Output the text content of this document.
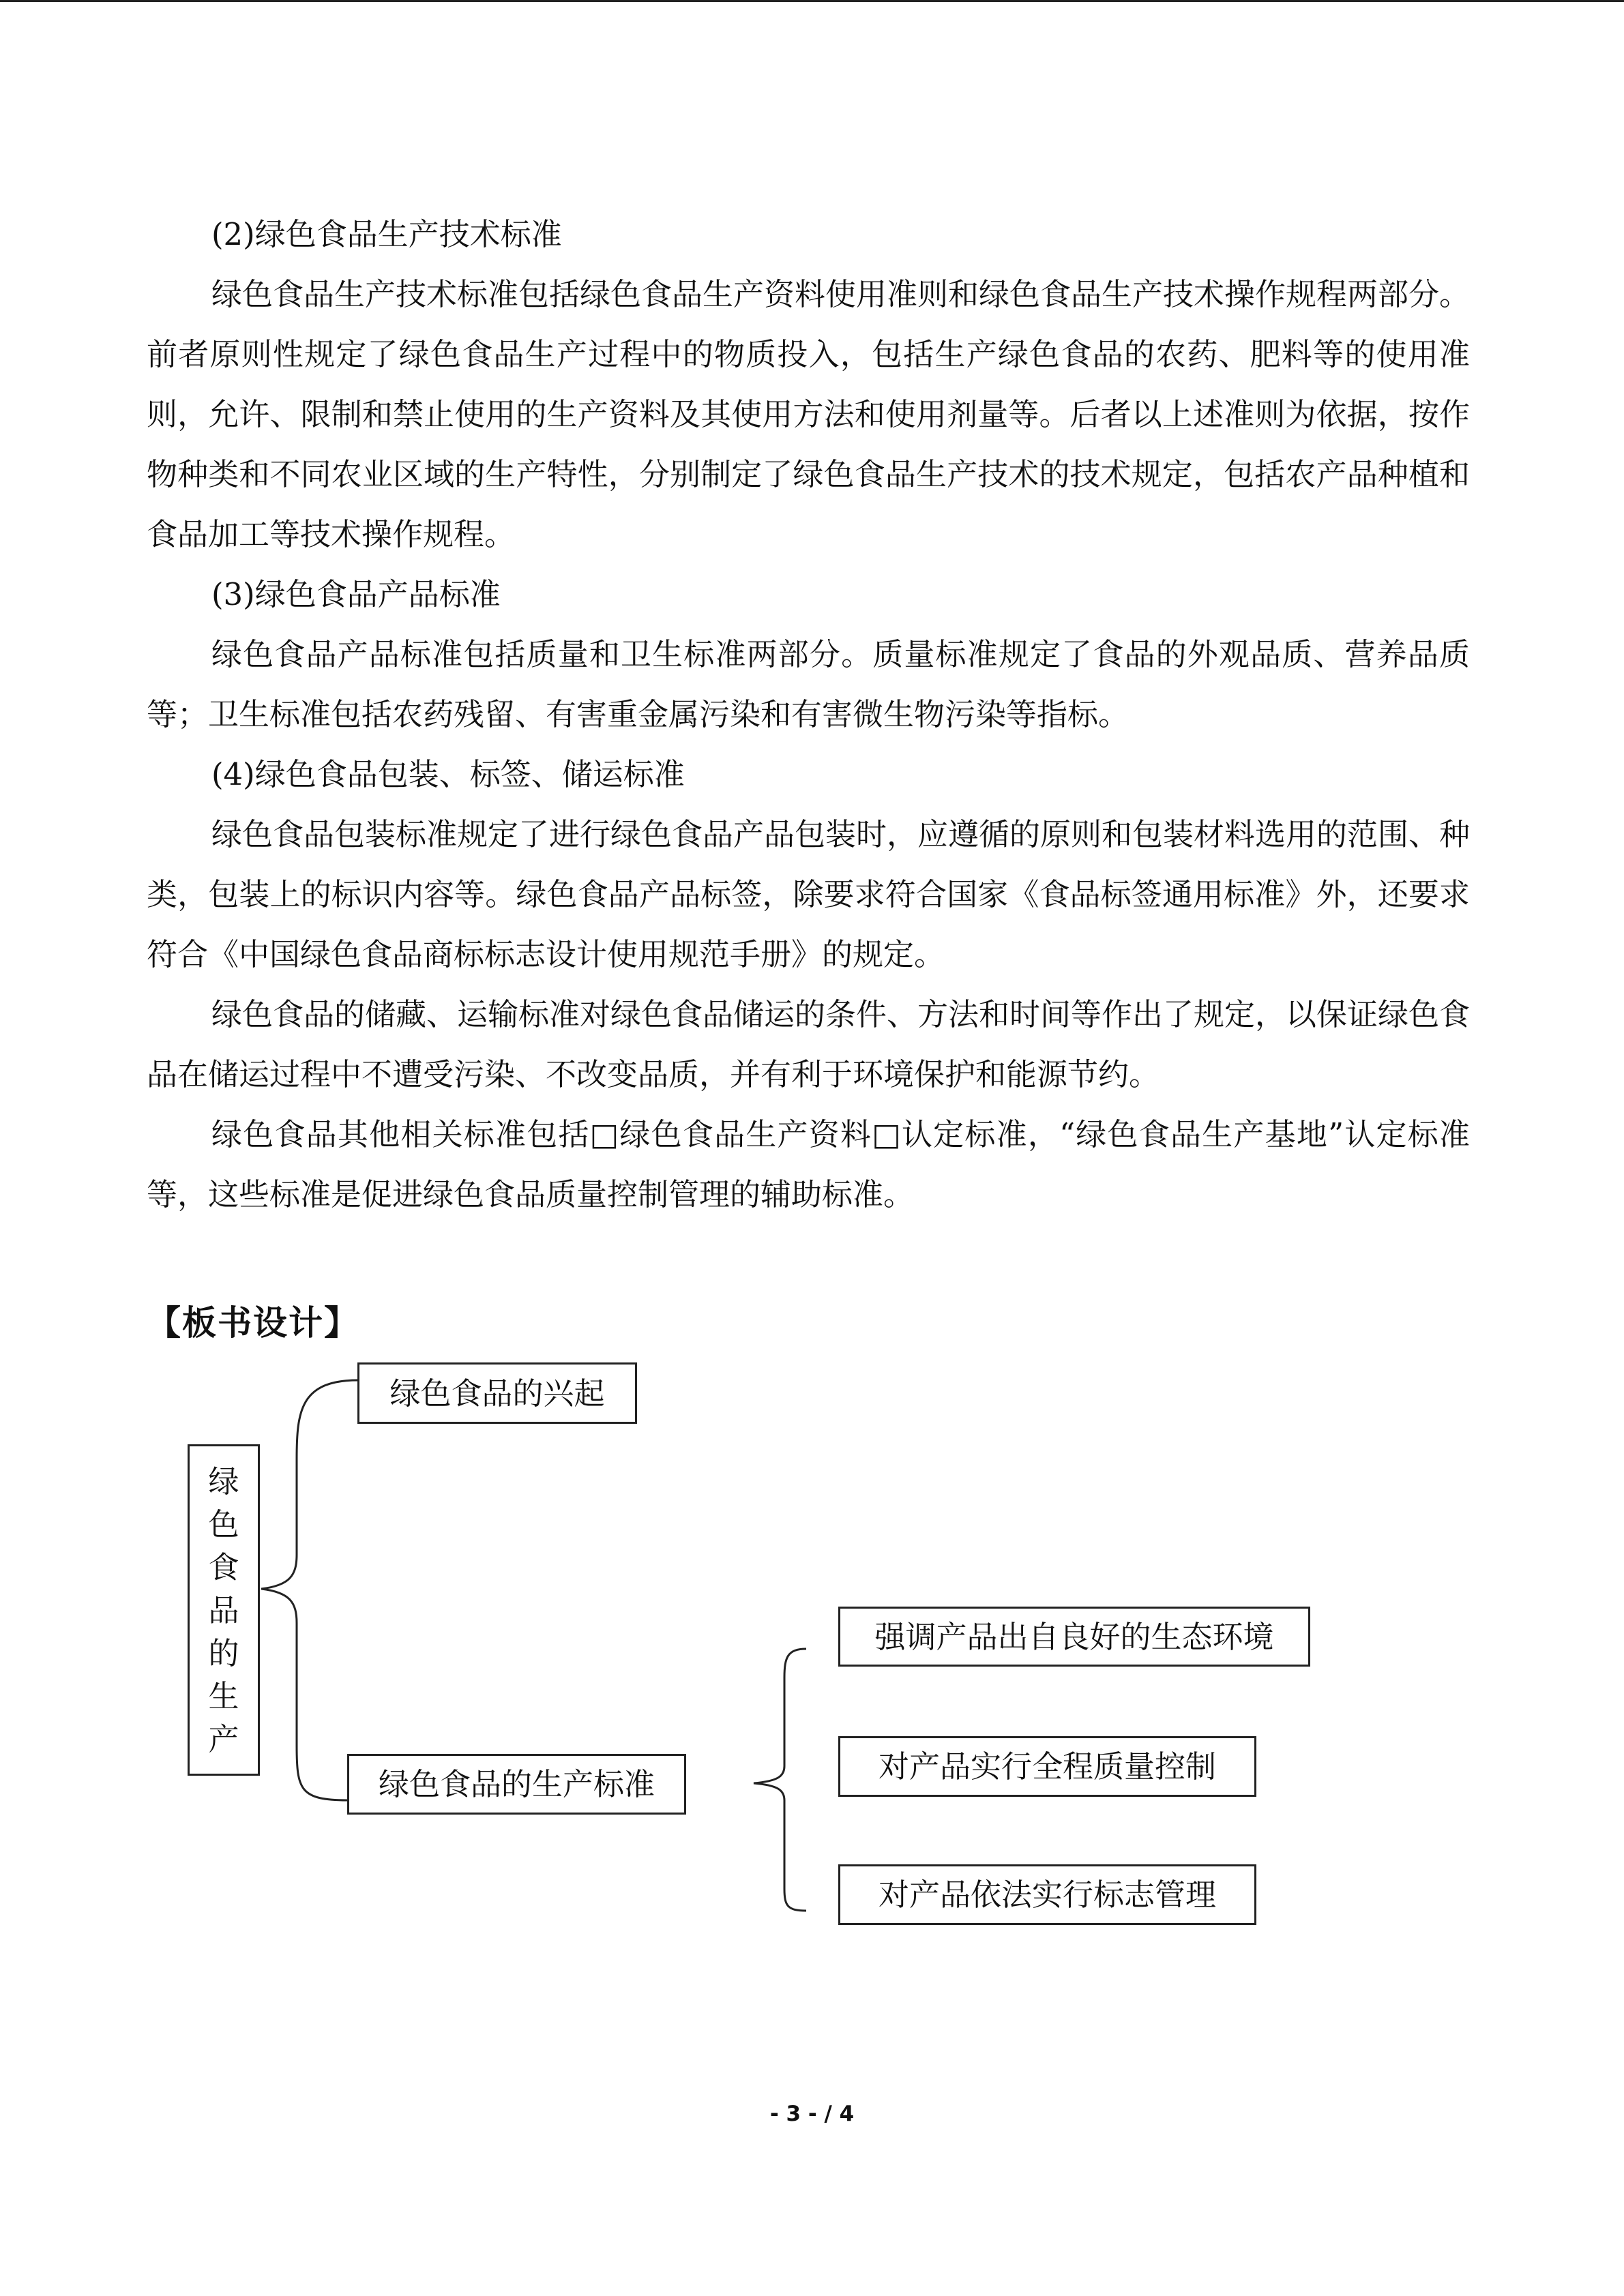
(2)绿色食品生产技术标准

绿色食品生产技术标准包括绿色食品生产资料使用准则和绿色食品生产技术操作规程两部分。前者原则性规定了绿色食品生产过程中的物质投入，包括生产绿色食品的农药、肥料等的使用准则，允许、限制和禁止使用的生产资料及其使用方法和使用剂量等。后者以上述准则为依据，按作物种类和不同农业区域的生产特性，分别制定了绿色食品生产技术的技术规定，包括农产品种植和食品加工等技术操作规程。

(3)绿色食品产品标准

绿色食品产品标准包括质量和卫生标准两部分。质量标准规定了食品的外观品质、营养品质等；卫生标准包括农药残留、有害重金属污染和有害微生物污染等指标。

(4)绿色食品包装、标签、储运标准

绿色食品包装标准规定了进行绿色食品产品包装时，应遵循的原则和包装材料选用的范围、种类，包装上的标识内容等。绿色食品产品标签，除要求符合国家《食品标签通用标准》外，还要求符合《中国绿色食品商标标志设计使用规范手册》的规定。

绿色食品的储藏、运输标准对绿色食品储运的条件、方法和时间等作出了规定，以保证绿色食品在储运过程中不遭受污染、不改变品质，并有利于环境保护和能源节约。

绿色食品其他相关标准包括□绿色食品生产资料□认定标准，“绿色食品生产基地”认定标准等，这些标准是促进绿色食品质量控制管理的辅助标准。

【板书设计】
绿
色
食
品
的
生
产
绿色食品的兴起
绿色食品的生产标准
强调产品出自良好的生态环境
对产品实行全程质量控制
对产品依法实行标志管理
- 3 - / 4
